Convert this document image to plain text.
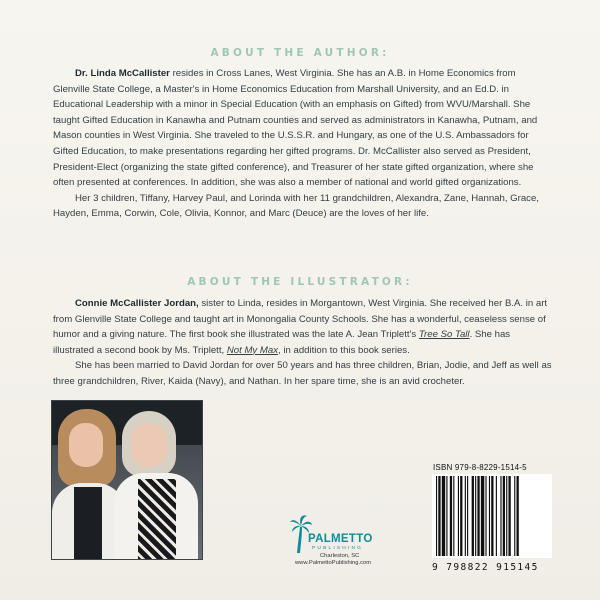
ABOUT THE AUTHOR:

Dr. Linda McCallister resides in Cross Lanes, West Virginia. She has an A.B. in Home Economics from Glenville State College, a Master's in Home Economics Education from Marshall University, and an Ed.D. in Educational Leadership with a minor in Special Education (with an emphasis on Gifted) from WVU/Marshall. She taught Gifted Education in Kanawha and Putnam counties and served as administrators in Kanawha, Putnam, and Mason counties in West Virginia. She traveled to the U.S.S.R. and Hungary, as one of the U.S. Ambassadors for Gifted Education, to make presentations regarding her gifted programs. Dr. McCallister also served as President, President-Elect (organizing the state gifted conference), and Treasurer of her state gifted organization, where she often presented at conferences. In addition, she was also a member of national and world gifted organizations.

Her 3 children, Tiffany, Harvey Paul, and Lorinda with her 11 grandchildren, Alexandra, Zane, Hannah, Grace, Hayden, Emma, Corwin, Cole, Olivia, Konnor, and Marc (Deuce) are the loves of her life.

ABOUT THE ILLUSTRATOR:

Connie McCallister Jordan, sister to Linda, resides in Morgantown, West Virginia. She received her B.A. in art from Glenville State College and taught art in Monongalia County Schools. She has a wonderful, ceaseless sense of humor and a giving nature. The first book she illustrated was the late A. Jean Triplett's Tree So Tall. She has illustrated a second book by Ms. Triplett, Not My Max, in addition to this book series.

She has been married to David Jordan for over 50 years and has three children, Brian, Jodie, and Jeff as well as three grandchildren, River, Kaida (Navy), and Nathan. In her spare time, she is an avid crocheter.

PALMETTO
PUBLISHING
Charleston, SC
www.PalmettoPublishing.com
ISBN 979-8-8229-1514-5
9 798822 915145
